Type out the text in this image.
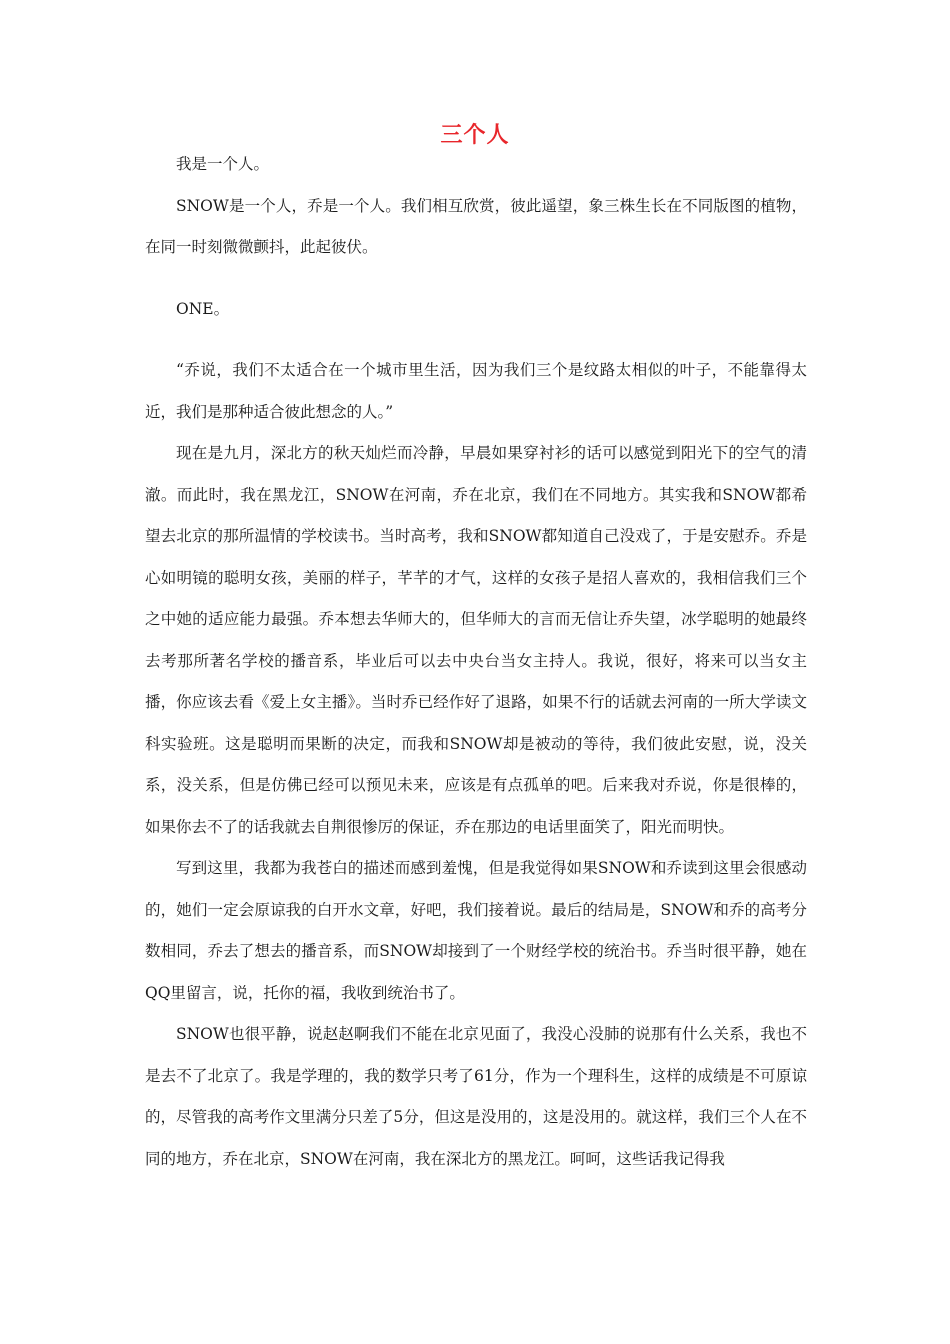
三个人

我是一个人。

SNOW是一个人，乔是一个人。我们相互欣赏，彼此遥望，象三株生长在不同版图的植物，在同一时刻微微颤抖，此起彼伏。

ONE。

“乔说，我们不太适合在一个城市里生活，因为我们三个是纹路太相似的叶子，不能靠得太近，我们是那种适合彼此想念的人。”

现在是九月，深北方的秋天灿烂而冷静，早晨如果穿衬衫的话可以感觉到阳光下的空气的清澈。而此时，我在黑龙江，SNOW在河南，乔在北京，我们在不同地方。其实我和SNOW都希望去北京的那所温情的学校读书。当时高考，我和SNOW都知道自己没戏了，于是安慰乔。乔是心如明镜的聪明女孩，美丽的样子，芊芊的才气，这样的女孩子是招人喜欢的，我相信我们三个之中她的适应能力最强。乔本想去华师大的，但华师大的言而无信让乔失望，冰学聪明的她最终去考那所著名学校的播音系，毕业后可以去中央台当女主持人。我说，很好，将来可以当女主播，你应该去看《爱上女主播》。当时乔已经作好了退路，如果不行的话就去河南的一所大学读文科实验班。这是聪明而果断的决定，而我和SNOW却是被动的等待，我们彼此安慰，说，没关系，没关系，但是仿佛已经可以预见未来，应该是有点孤单的吧。后来我对乔说，你是很棒的，如果你去不了的话我就去自荆很惨厉的保证，乔在那边的电话里面笑了，阳光而明快。

写到这里，我都为我苍白的描述而感到羞愧，但是我觉得如果SNOW和乔读到这里会很感动的，她们一定会原谅我的白开水文章，好吧，我们接着说。最后的结局是，SNOW和乔的高考分数相同，乔去了想去的播音系，而SNOW却接到了一个财经学校的统治书。乔当时很平静，她在QQ里留言，说，托你的福，我收到统治书了。

SNOW也很平静，说赵赵啊我们不能在北京见面了，我没心没肺的说那有什么关系，我也不是去不了北京了。我是学理的，我的数学只考了61分，作为一个理科生，这样的成绩是不可原谅的，尽管我的高考作文里满分只差了5分，但这是没用的，这是没用的。就这样，我们三个人在不同的地方，乔在北京，SNOW在河南，我在深北方的黑龙江。呵呵，这些话我记得我
